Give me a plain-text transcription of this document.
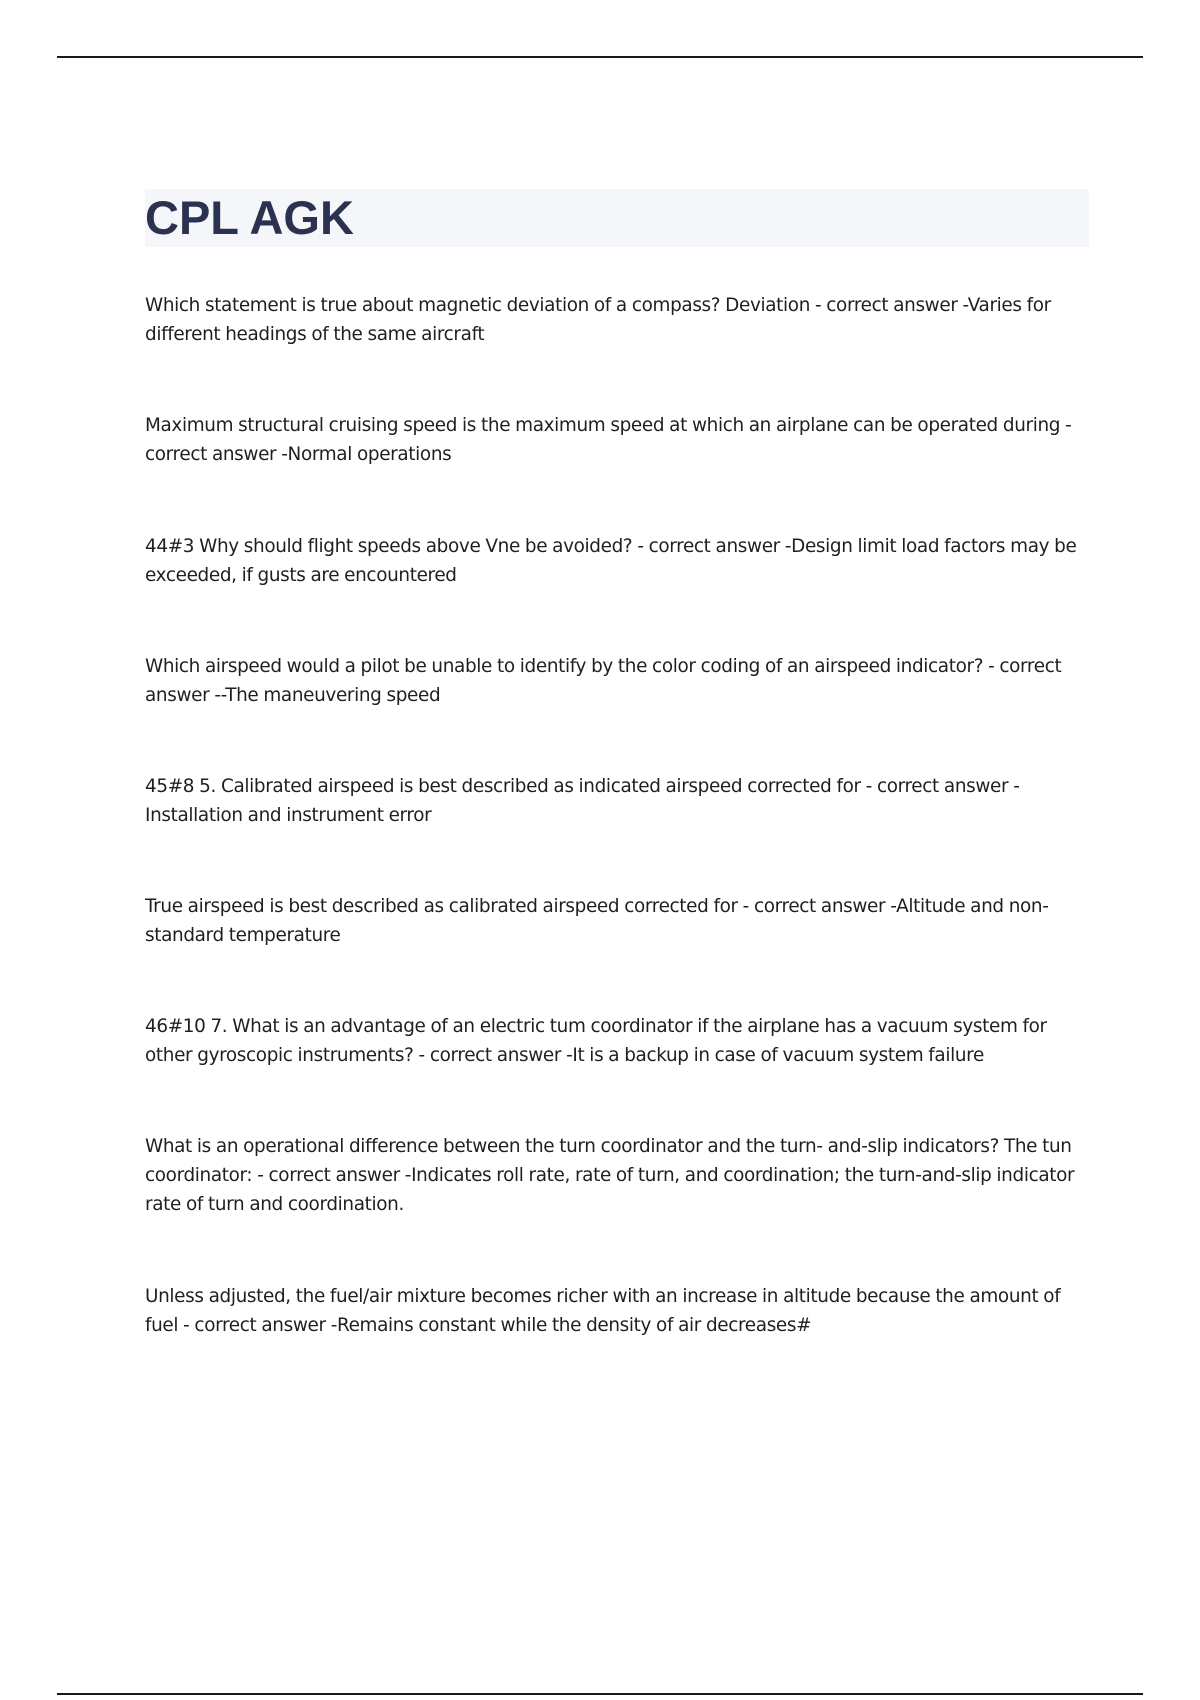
CPL AGK

Which statement is true about magnetic deviation of a compass? Deviation - correct answer -Varies for different headings of the same aircraft

Maximum structural cruising speed is the maximum speed at which an airplane can be operated during - correct answer -Normal operations

44#3 Why should flight speeds above Vne be avoided? - correct answer -Design limit load factors may be exceeded, if gusts are encountered

Which airspeed would a pilot be unable to identify by the color coding of an airspeed indicator? - correct answer --The maneuvering speed

45#8 5. Calibrated airspeed is best described as indicated airspeed corrected for - correct answer -Installation and instrument error

True airspeed is best described as calibrated airspeed corrected for - correct answer -Altitude and non-standard temperature

46#10 7. What is an advantage of an electric tum coordinator if the airplane has a vacuum system for other gyroscopic instruments? - correct answer -It is a backup in case of vacuum system failure

What is an operational difference between the turn coordinator and the turn- and-slip indicators? The tun coordinator: - correct answer -Indicates roll rate, rate of turn, and coordination; the turn-and-slip indicator rate of turn and coordination.

Unless adjusted, the fuel/air mixture becomes richer with an increase in altitude because the amount of fuel - correct answer -Remains constant while the density of air decreases#
